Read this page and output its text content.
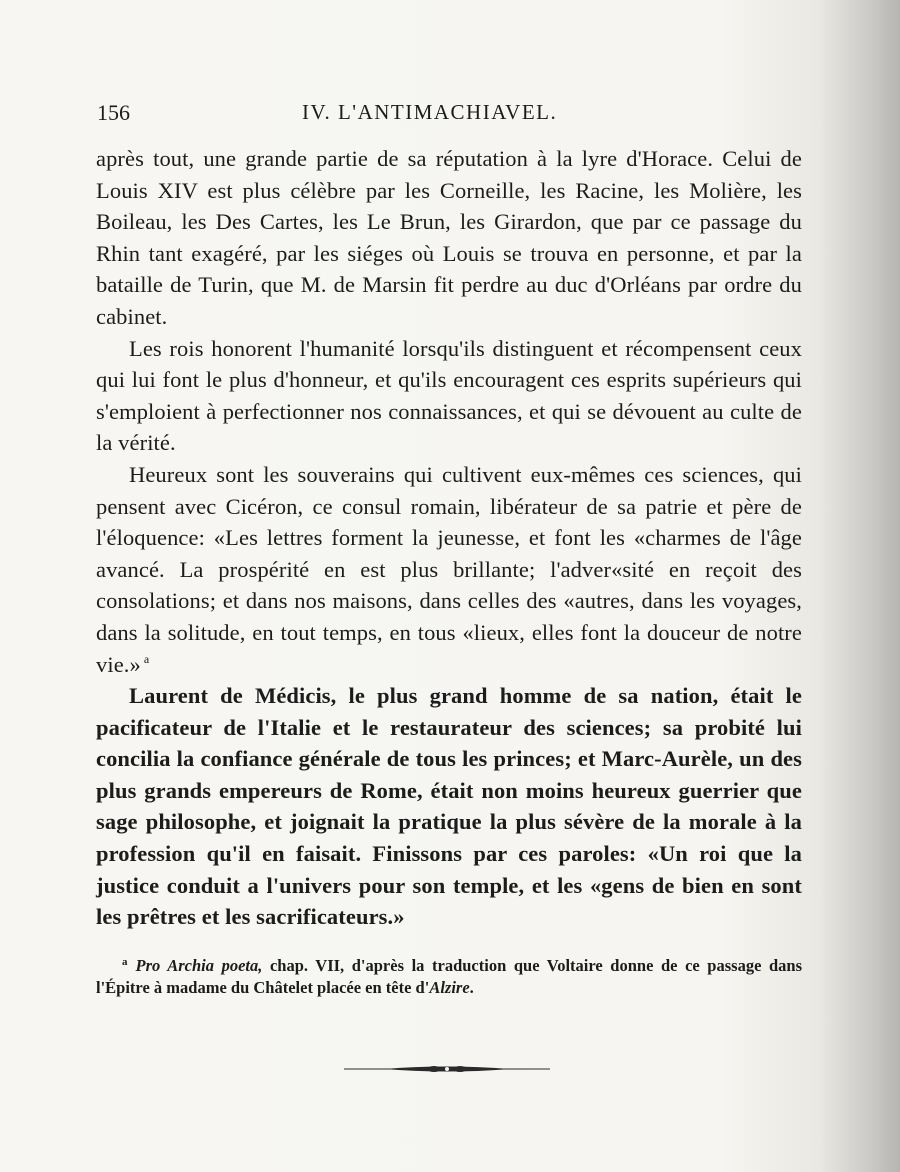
156	IV. L'ANTIMACHIAVEL.

après tout, une grande partie de sa réputation à la lyre d'Horace. Celui de Louis XIV est plus célèbre par les Corneille, les Racine, les Molière, les Boileau, les Des Cartes, les Le Brun, les Girardon, que par ce passage du Rhin tant exagéré, par les siéges où Louis se trouva en personne, et par la bataille de Turin, que M. de Marsin fit perdre au duc d'Orléans par ordre du cabinet.

Les rois honorent l'humanité lorsqu'ils distinguent et récompensent ceux qui lui font le plus d'honneur, et qu'ils encouragent ces esprits supérieurs qui s'emploient à perfectionner nos connaissances, et qui se dévouent au culte de la vérité.

Heureux sont les souverains qui cultivent eux-mêmes ces sciences, qui pensent avec Cicéron, ce consul romain, libérateur de sa patrie et père de l'éloquence: «Les lettres forment la jeunesse, et font les «charmes de l'âge avancé. La prospérité en est plus brillante; l'adver«sité en reçoit des consolations; et dans nos maisons, dans celles des «autres, dans les voyages, dans la solitude, en tout temps, en tous «lieux, elles font la douceur de notre vie.» $^a$

Laurent de Médicis, le plus grand homme de sa nation, était le pacificateur de l'Italie et le restaurateur des sciences; sa probité lui concilia la confiance générale de tous les princes; et Marc-Aurèle, un des plus grands empereurs de Rome, était non moins heureux guerrier que sage philosophe, et joignait la pratique la plus sévère de la morale à la profession qu'il en faisait. Finissons par ces paroles: «Un roi que la justice conduit a l'univers pour son temple, et les «gens de bien en sont les prêtres et les sacrificateurs.»

$^a$ Pro Archia poeta, chap. VII, d'après la traduction que Voltaire donne de ce passage dans l'Épitre à madame du Châtelet placée en tête d'Alzire.
